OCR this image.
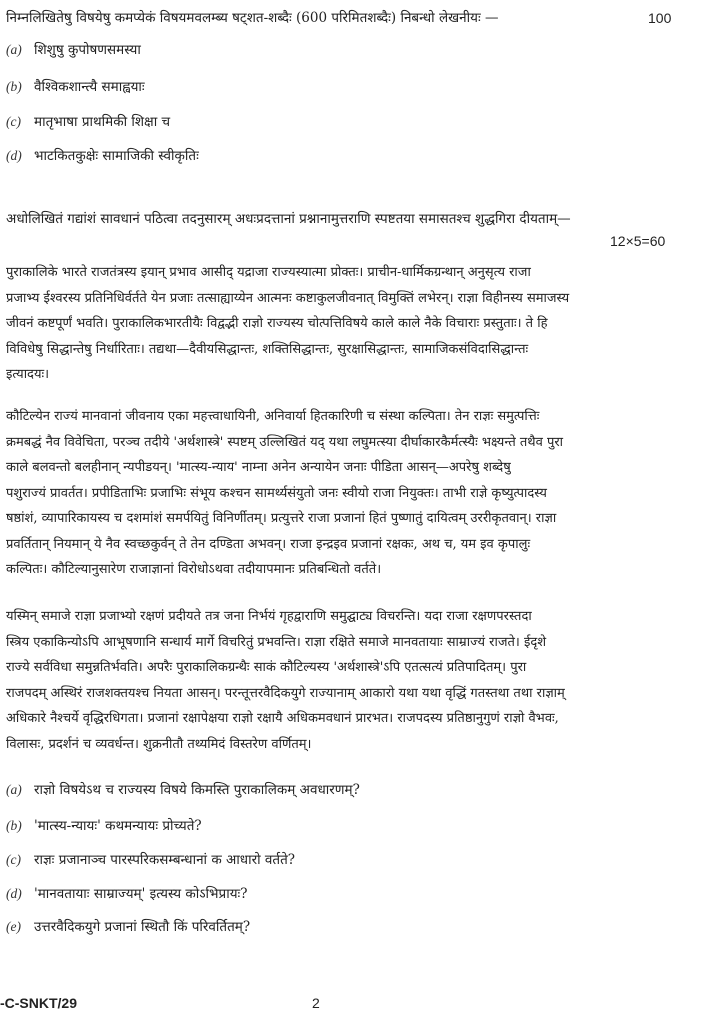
निम्नलिखितेषु विषयेषु कमप्येकं विषयमवलम्ब्य षट्शत-शब्दैः (600 परिमितशब्दैः) निबन्धो लेखनीयः —	100
(a) शिशुषु कुपोषणसमस्या
(b) वैश्विकशान्त्यै समाह्वयाः
(c) मातृभाषा प्राथमिकी शिक्षा च
(d) भाटकितकुक्षेः सामाजिकी स्वीकृतिः
अधोलिखितं गद्यांशं सावधानं पठित्वा तदनुसारम् अधःप्रदत्तानां प्रश्नानामुत्तराणि स्पष्टतया समासतश्च शुद्धगिरा दीयताम्—
12×5=60
पुराकालिके भारते राजतंत्रस्य इयान् प्रभाव आसीद् यद्राजा राज्यस्यात्मा प्रोक्तः। प्राचीन-धार्मिकग्रन्थान् अनुसृत्य राजा
प्रजाभ्य ईश्वरस्य प्रतिनिधिर्वर्तते येन प्रजाः तत्साह्याय्येन आत्मनः कष्टाकुलजीवनात् विमुक्तिं लभेरन्। राज्ञा विहीनस्य समाजस्य
जीवनं कष्टपूर्णं भवति। पुराकालिकभारतीयैः विद्वद्भी राज्ञो राज्यस्य चोत्पत्तिविषये काले काले नैके विचाराः प्रस्तुताः। ते हि
विविधेषु सिद्धान्तेषु निर्धारिताः। तद्यथा—दैवीयसिद्धान्तः, शक्तिसिद्धान्तः, सुरक्षासिद्धान्तः, सामाजिकसंविदासिद्धान्तः
इत्यादयः।
कौटिल्येन राज्यं मानवानां जीवनाय एका महत्त्वाधायिनी, अनिवार्या हितकारिणी च संस्था कल्पिता। तेन राज्ञः समुत्पत्तिः
क्रमबद्धं नैव विवेचिता, परञ्च तदीये 'अर्थशास्त्रे' स्पष्टम् उल्लिखितं यद् यथा लघुमत्स्या दीर्घाकारकैर्मत्स्यैः भक्ष्यन्ते तथैव पुरा
काले बलवन्तो बलहीनान् न्यपीडयन्। 'मात्स्य-न्याय' नाम्ना अनेन अन्यायेन जनाः पीडिता आसन्—अपरेषु शब्देषु
पशुराज्यं प्रावर्तत। प्रपीडिताभिः प्रजाभिः संभूय कश्चन सामर्थ्यसंयुतो जनः स्वीयो राजा नियुक्तः। ताभी राज्ञे कृष्युत्पादस्य
षष्ठांशं, व्यापारिकायस्य च दशमांशं समर्पयितुं विनिर्णीतम्। प्रत्युत्तरे राजा प्रजानां हितं पुष्णातुं दायित्वम् उररीकृतवान्। राज्ञा
प्रवर्तितान् नियमान् ये नैव स्वच्छकुर्वन् ते तेन दण्डिता अभवन्। राजा इन्द्रइव प्रजानां रक्षकः, अथ च, यम इव कृपालुः
कल्पितः। कौटिल्यानुसारेण राजाज्ञानां विरोधोऽथवा तदीयापमानः प्रतिबन्धितो वर्तते।
यस्मिन् समाजे राज्ञा प्रजाभ्यो रक्षणं प्रदीयते तत्र जना निर्भयं गृहद्वाराणि समुद्घाट्य विचरन्ति। यदा राजा रक्षणपरस्तदा
स्त्रिय एकाकिन्योऽपि आभूषणानि सन्धार्य मार्गे विचरितुं प्रभवन्ति। राज्ञा रक्षिते समाजे मानवतायाः साम्राज्यं राजते। ईदृशे
राज्ये सर्वविधा समुन्नतिर्भवति। अपरैः पुराकालिकग्रन्थैः साकं कौटिल्यस्य 'अर्थशास्त्रे'ऽपि एतत्सत्यं प्रतिपादितम्। पुरा
राजपदम् अस्थिरं राजशक्तयश्च नियता आसन्। परन्तूत्तरवैदिकयुगे राज्यानाम् आकारो यथा यथा वृद्धिं गतस्तथा तथा राज्ञाम्
अधिकारे नैश्चर्ये वृद्धिरधिगता। प्रजानां रक्षापेक्षया राज्ञो रक्षायै अधिकमवधानं प्रारभत। राजपदस्य प्रतिष्ठानुगुणं राज्ञो वैभवः,
विलासः, प्रदर्शनं च व्यवर्धन्त। शुक्रनीतौ तथ्यमिदं विस्तरेण वर्णितम्।
(a) राज्ञो विषयेऽथ च राज्यस्य विषये किमस्ति पुराकालिकम् अवधारणम्?
(b) 'मात्स्य-न्यायः' कथमन्यायः प्रोच्यते?
(c) राज्ञः प्रजानाञ्च पारस्परिकसम्बन्धानां क आधारो वर्तते?
(d) 'मानवतायाः साम्राज्यम्' इत्यस्य कोऽभिप्रायः?
(e) उत्तरवैदिकयुगे प्रजानां स्थितौ किं परिवर्तितम्?
-C-SNKT/29	2
